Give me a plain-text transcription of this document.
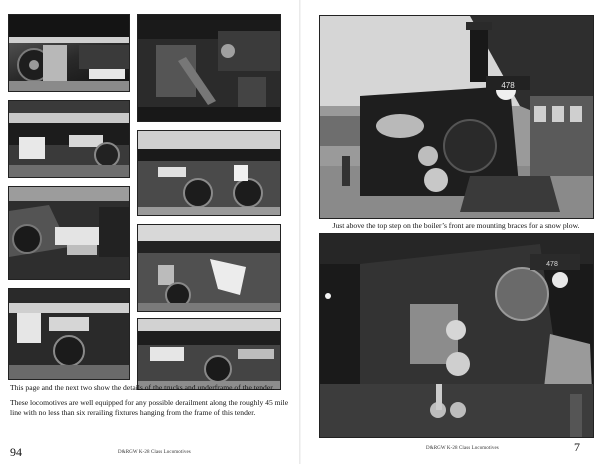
This page and the next two show the details of the trucks and underframe of the tender.
These locomotives are well equipped for any possible derailment along the roughly 45 mile line with no less than six rerailing fixtures hanging from the frame of this tender.
94	D&RGW K-28 Class Locomotives
478
Just above the top step on the boiler’s front are mounting braces for a snow plow.
478
D&RGW K-28 Class Locomotives	7
